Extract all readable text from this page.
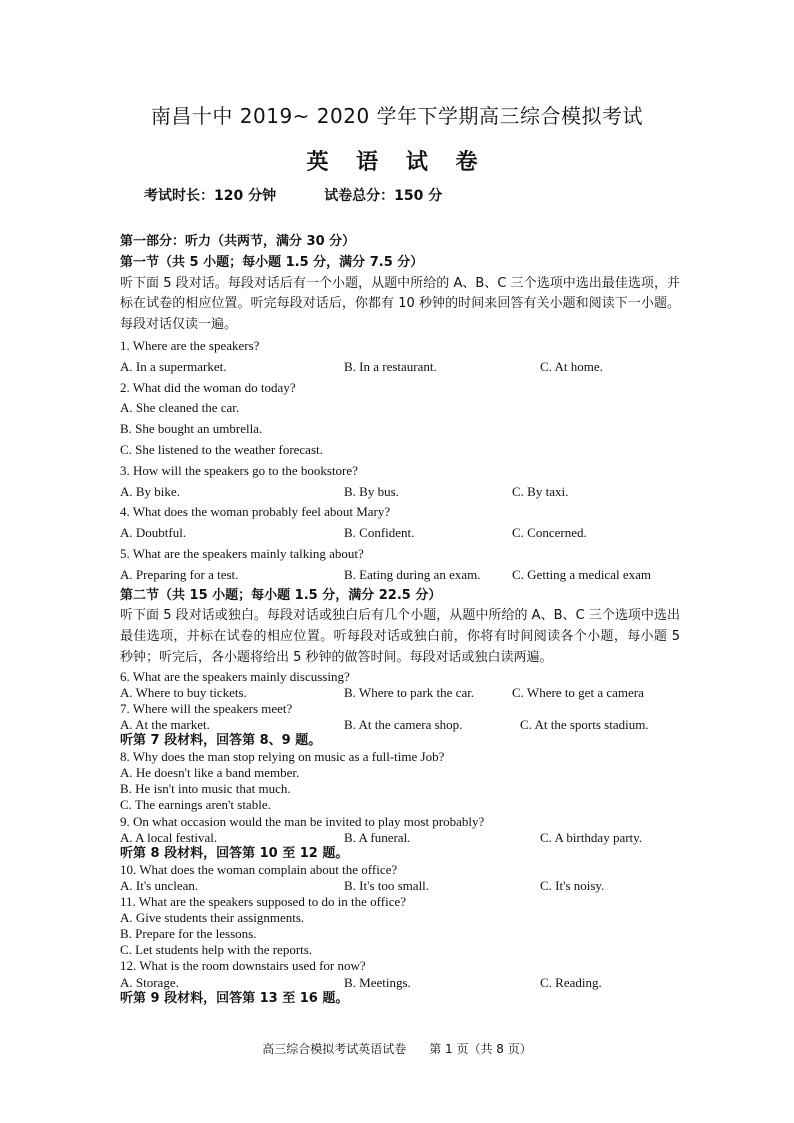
南昌十中 2019~ 2020 学年下学期高三综合模拟考试
英 语 试 卷
考试时长：120 分钟	试卷总分：150 分
第一部分：听力（共两节，满分 30 分）
第一节（共 5 小题；每小题 1.5 分，满分 7.5 分）
听下面 5 段对话。每段对话后有一个小题，从题中所给的 A、B、C 三个选项中选出最佳选项，并标在试卷的相应位置。听完每段对话后，你都有 10 秒钟的时间来回答有关小题和阅读下一小题。每段对话仅读一遍。
1. Where are the speakers?
A. In a supermarket.	B. In a restaurant.	C. At home.
2. What did the woman do today?
A. She cleaned the car.
B. She bought an umbrella.
C. She listened to the weather forecast.
3. How will the speakers go to the bookstore?
A. By bike.	B. By bus.	C. By taxi.
4. What does the woman probably feel about Mary?
A. Doubtful.	B. Confident.	C. Concerned.
5. What are the speakers mainly talking about?
A. Preparing for a test.	B. Eating during an exam. C. Getting a medical exam
第二节（共 15 小题；每小题 1.5 分，满分 22.5 分）
听下面 5 段对话或独白。每段对话或独白后有几个小题，从题中所给的 A、B、C 三个选项中选出最佳选项，并标在试卷的相应位置。听每段对话或独白前，你将有时间阅读各个小题，每小题 5 秒钟；听完后，各小题将给出 5 秒钟的做答时间。每段对话或独白读两遍。
6. What are the speakers mainly discussing?
A. Where to buy tickets.	B. Where to park the car.	C. Where to get a camera
7. Where will the speakers meet?
A. At the market.	B. At the camera shop.	C. At the sports stadium.
听第 7 段材料，回答第 8、9 题。
8. Why does the man stop relying on music as a full-time Job?
A. He doesn't like a band member.
B. He isn't into music that much.
C. The earnings aren't stable.
9. On what occasion would the man be invited to play most probably?
A. A local festival.	B. A funeral.	C. A birthday party.
听第 8 段材料，回答第 10 至 12 题。
10. What does the woman complain about the office?
A. It's unclean.	B. It's too small.	C. It's noisy.
11. What are the speakers supposed to do in the office?
A. Give students their assignments.
B. Prepare for the lessons.
C. Let students help with the reports.
12. What is the room downstairs used for now?
A. Storage.	B. Meetings.	C. Reading.
听第 9 段材料，回答第 13 至 16 题。
高三综合模拟考试英语试卷 第 1 页（共 8 页）
